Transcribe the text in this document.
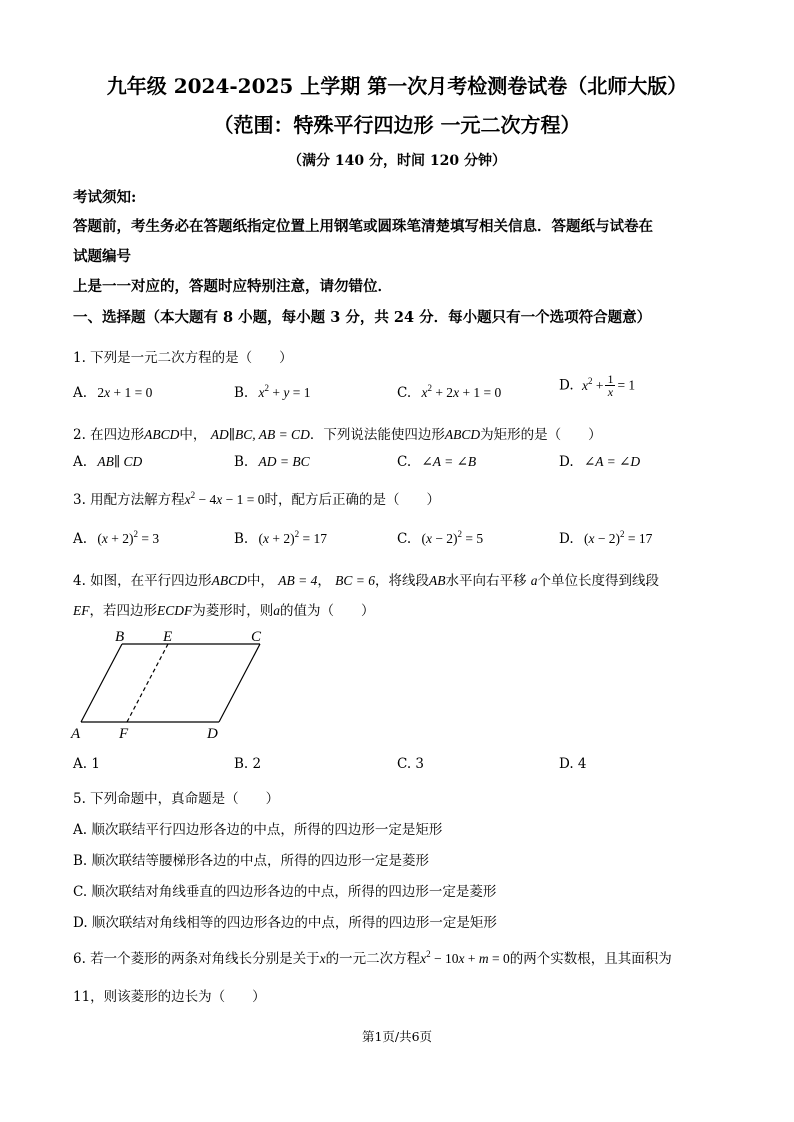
九年级 2024-2025 上学期 第一次月考检测卷试卷（北师大版）
（范围：特殊平行四边形 一元二次方程）
（满分 140 分，时间 120 分钟）
考试须知:
答题前，考生务必在答题纸指定位置上用钢笔或圆珠笔清楚填写相关信息．答题纸与试卷在
试题编号
上是一一对应的，答题时应特别注意，请勿错位．
一、选择题（本大题有 8 小题，每小题 3 分，共 24 分．每小题只有一个选项符合题意）
1. 下列是一元二次方程的是（　　）
A. 2x + 1 = 0	B. $x^2 + y = 1$	C. $x^2 + 2x + 1 = 0$	D. $x^2 + \frac{1}{x} = 1$
2. 在四边形ABCD中， AD∥BC, AB = CD．下列说法能使四边形ABCD为矩形的是（　　）
A. AB∥ CD	B. AD = BC	C. ∠A = ∠B	D. ∠A = ∠D
3. 用配方法解方程$x^2 - 4x - 1 = 0$时，配方后正确的是（　　）
A. $(x + 2)^2 = 3$	B. $(x + 2)^2 = 17$	C. $(x - 2)^2 = 5$	D. $(x - 2)^2 = 17$
4. 如图，在平行四边形ABCD中， AB = 4， BC = 6，将线段AB水平向右平移 a个单位长度得到线段
EF，若四边形ECDF为菱形时，则a的值为（　　）
B	E	C
A	F	D
A. 1	B. 2	C. 3	D. 4
5. 下列命题中，真命题是（　　）
A. 顺次联结平行四边形各边的中点，所得的四边形一定是矩形
B. 顺次联结等腰梯形各边的中点，所得的四边形一定是菱形
C. 顺次联结对角线垂直的四边形各边的中点，所得的四边形一定是菱形
D. 顺次联结对角线相等的四边形各边的中点，所得的四边形一定是矩形
6. 若一个菱形的两条对角线长分别是关于x的一元二次方程$x^2 - 10x + m = 0$的两个实数根，且其面积为
11，则该菱形的边长为（　　）
第1页/共6页
